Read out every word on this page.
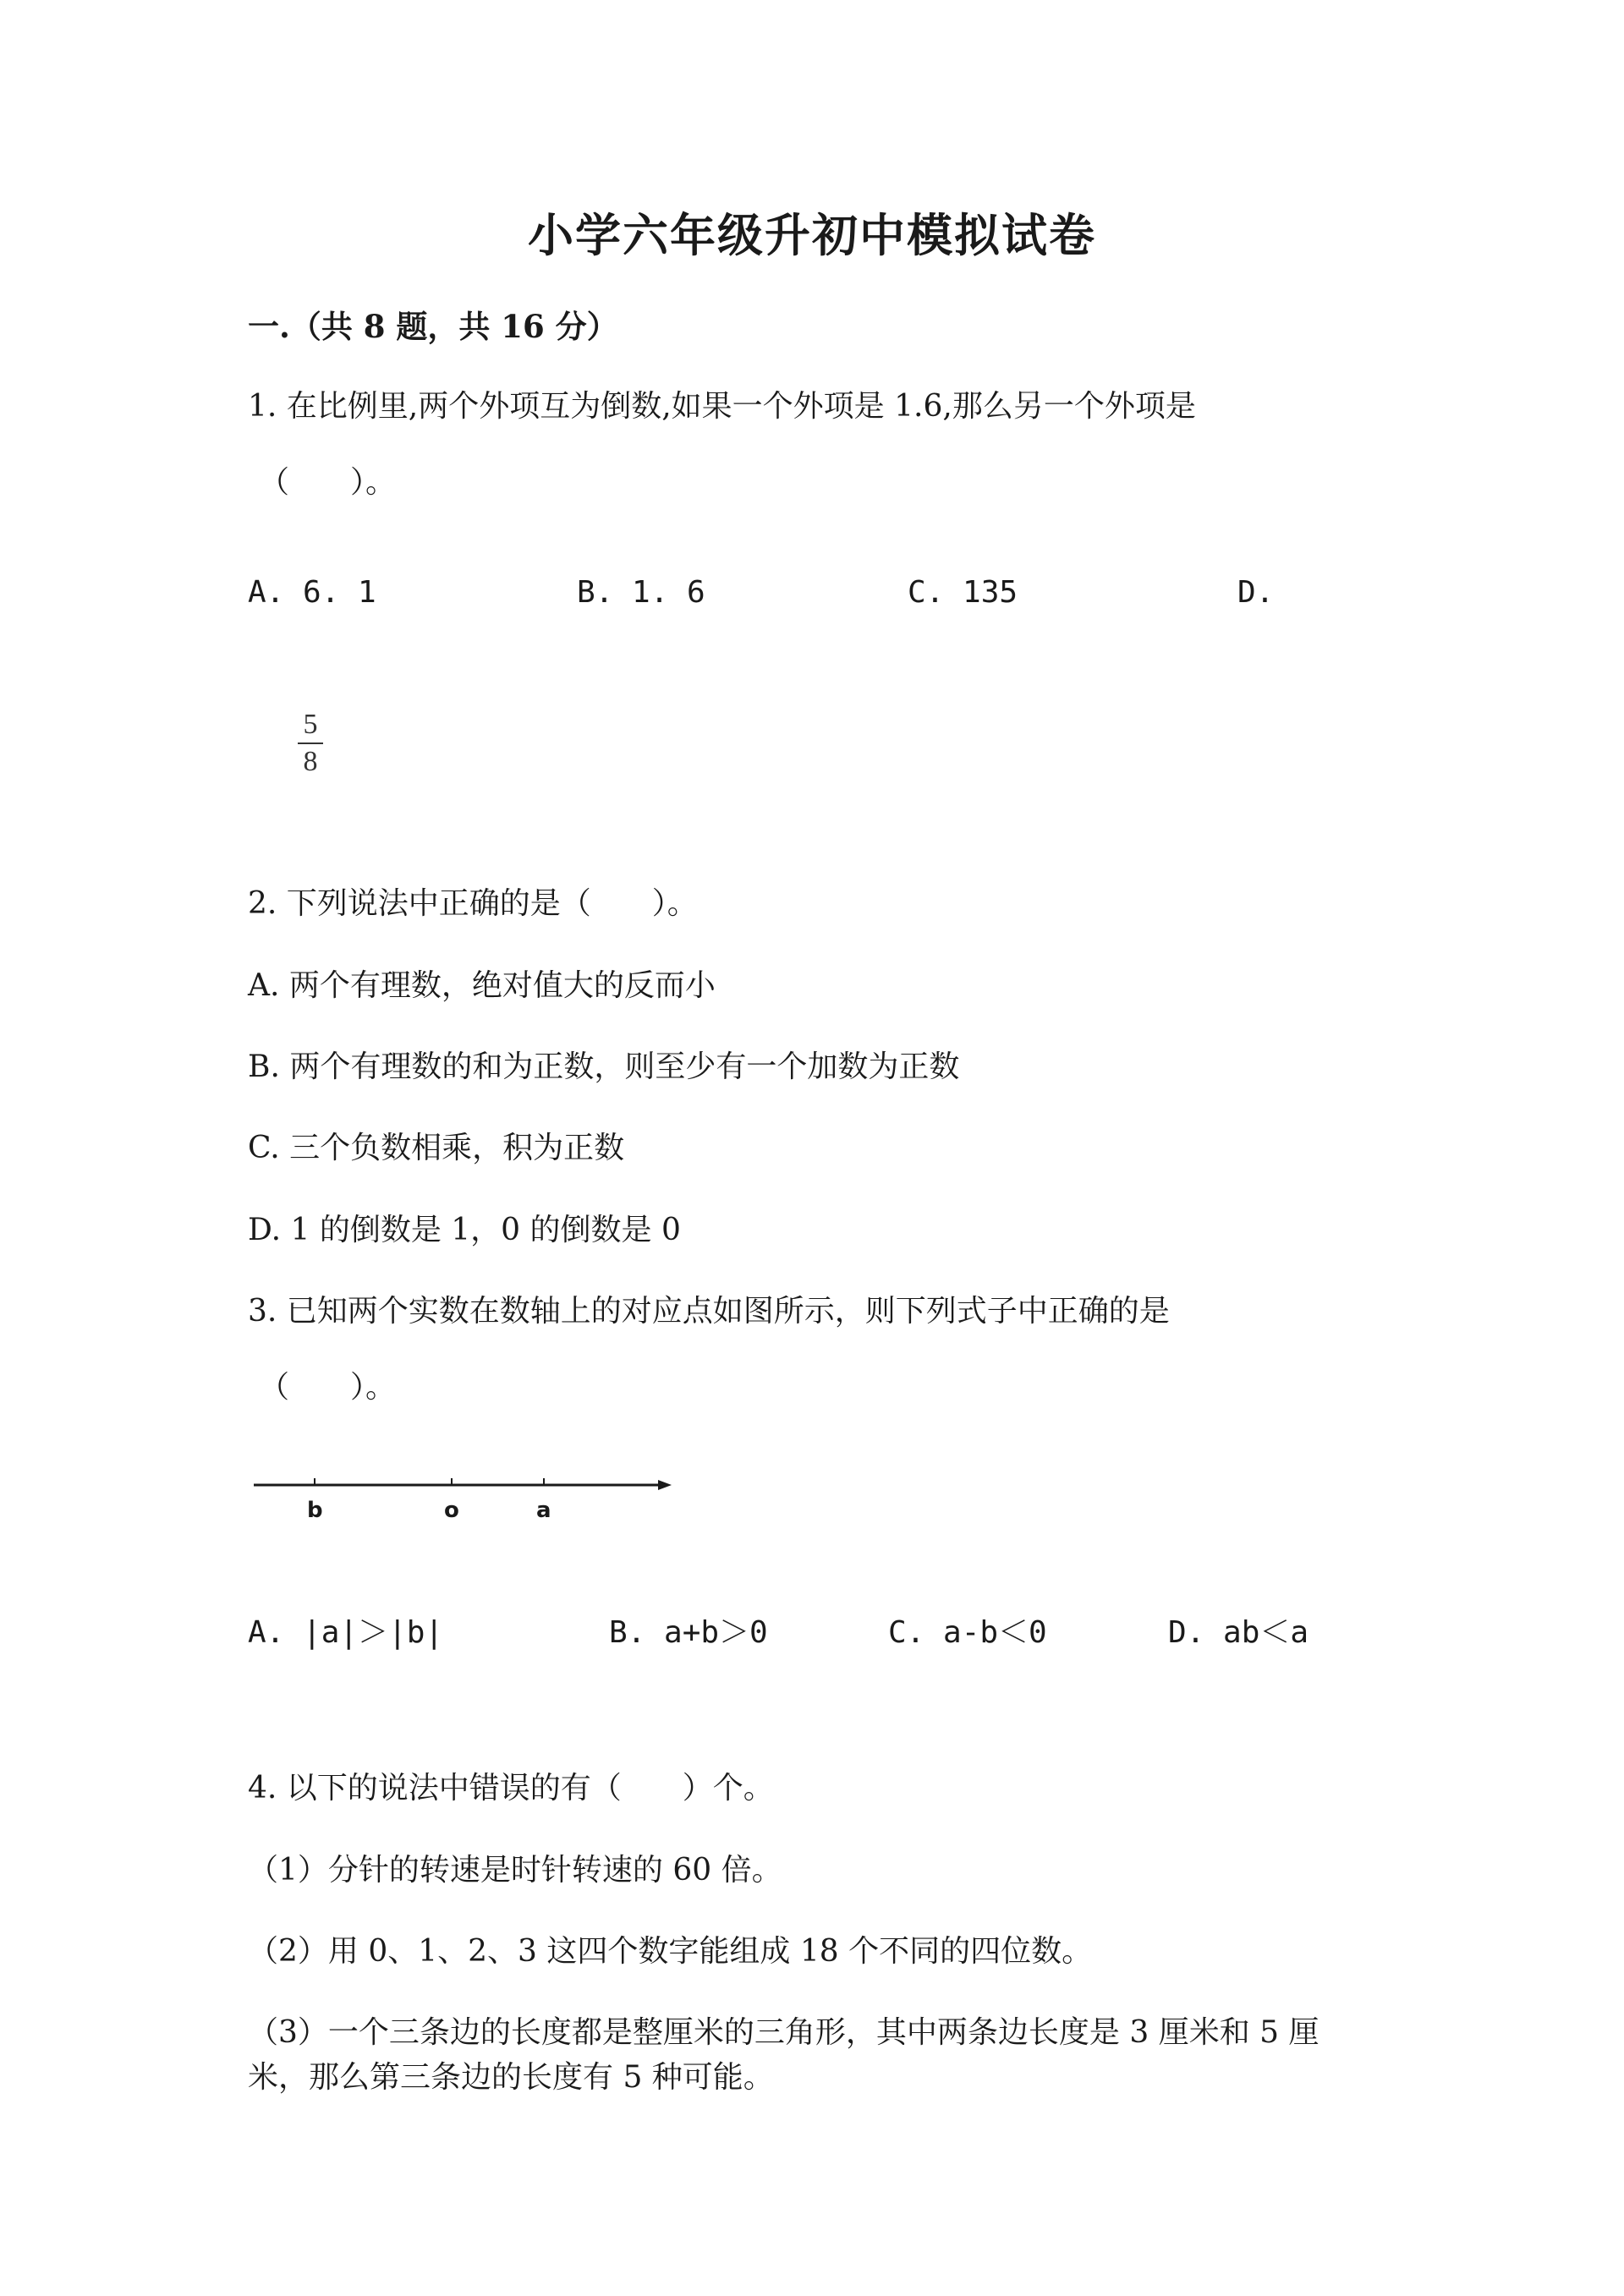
小学六年级升初中模拟试卷
一.（共 8 题，共 16 分）
1. 在比例里,两个外项互为倒数,如果一个外项是 1.6,那么另一个外项是
（　　）。
A. 6. 1	B. 1. 6	C. 135	D.
5
8
2. 下列说法中正确的是（　　）。
A. 两个有理数，绝对值大的反而小
B. 两个有理数的和为正数，则至少有一个加数为正数
C. 三个负数相乘，积为正数
D. 1 的倒数是 1，0 的倒数是 0
3. 已知两个实数在数轴上的对应点如图所示，则下列式子中正确的是
（　　）。
b	o	a
A. |a|＞|b|	B. a+b＞0	C. a-b＜0	D. ab＜a
4. 以下的说法中错误的有（　　）个。
（1）分针的转速是时针转速的 60 倍。
（2）用 0、1、2、3 这四个数字能组成 18 个不同的四位数。
（3）一个三条边的长度都是整厘米的三角形，其中两条边长度是 3 厘米和 5 厘
米，那么第三条边的长度有 5 种可能。
